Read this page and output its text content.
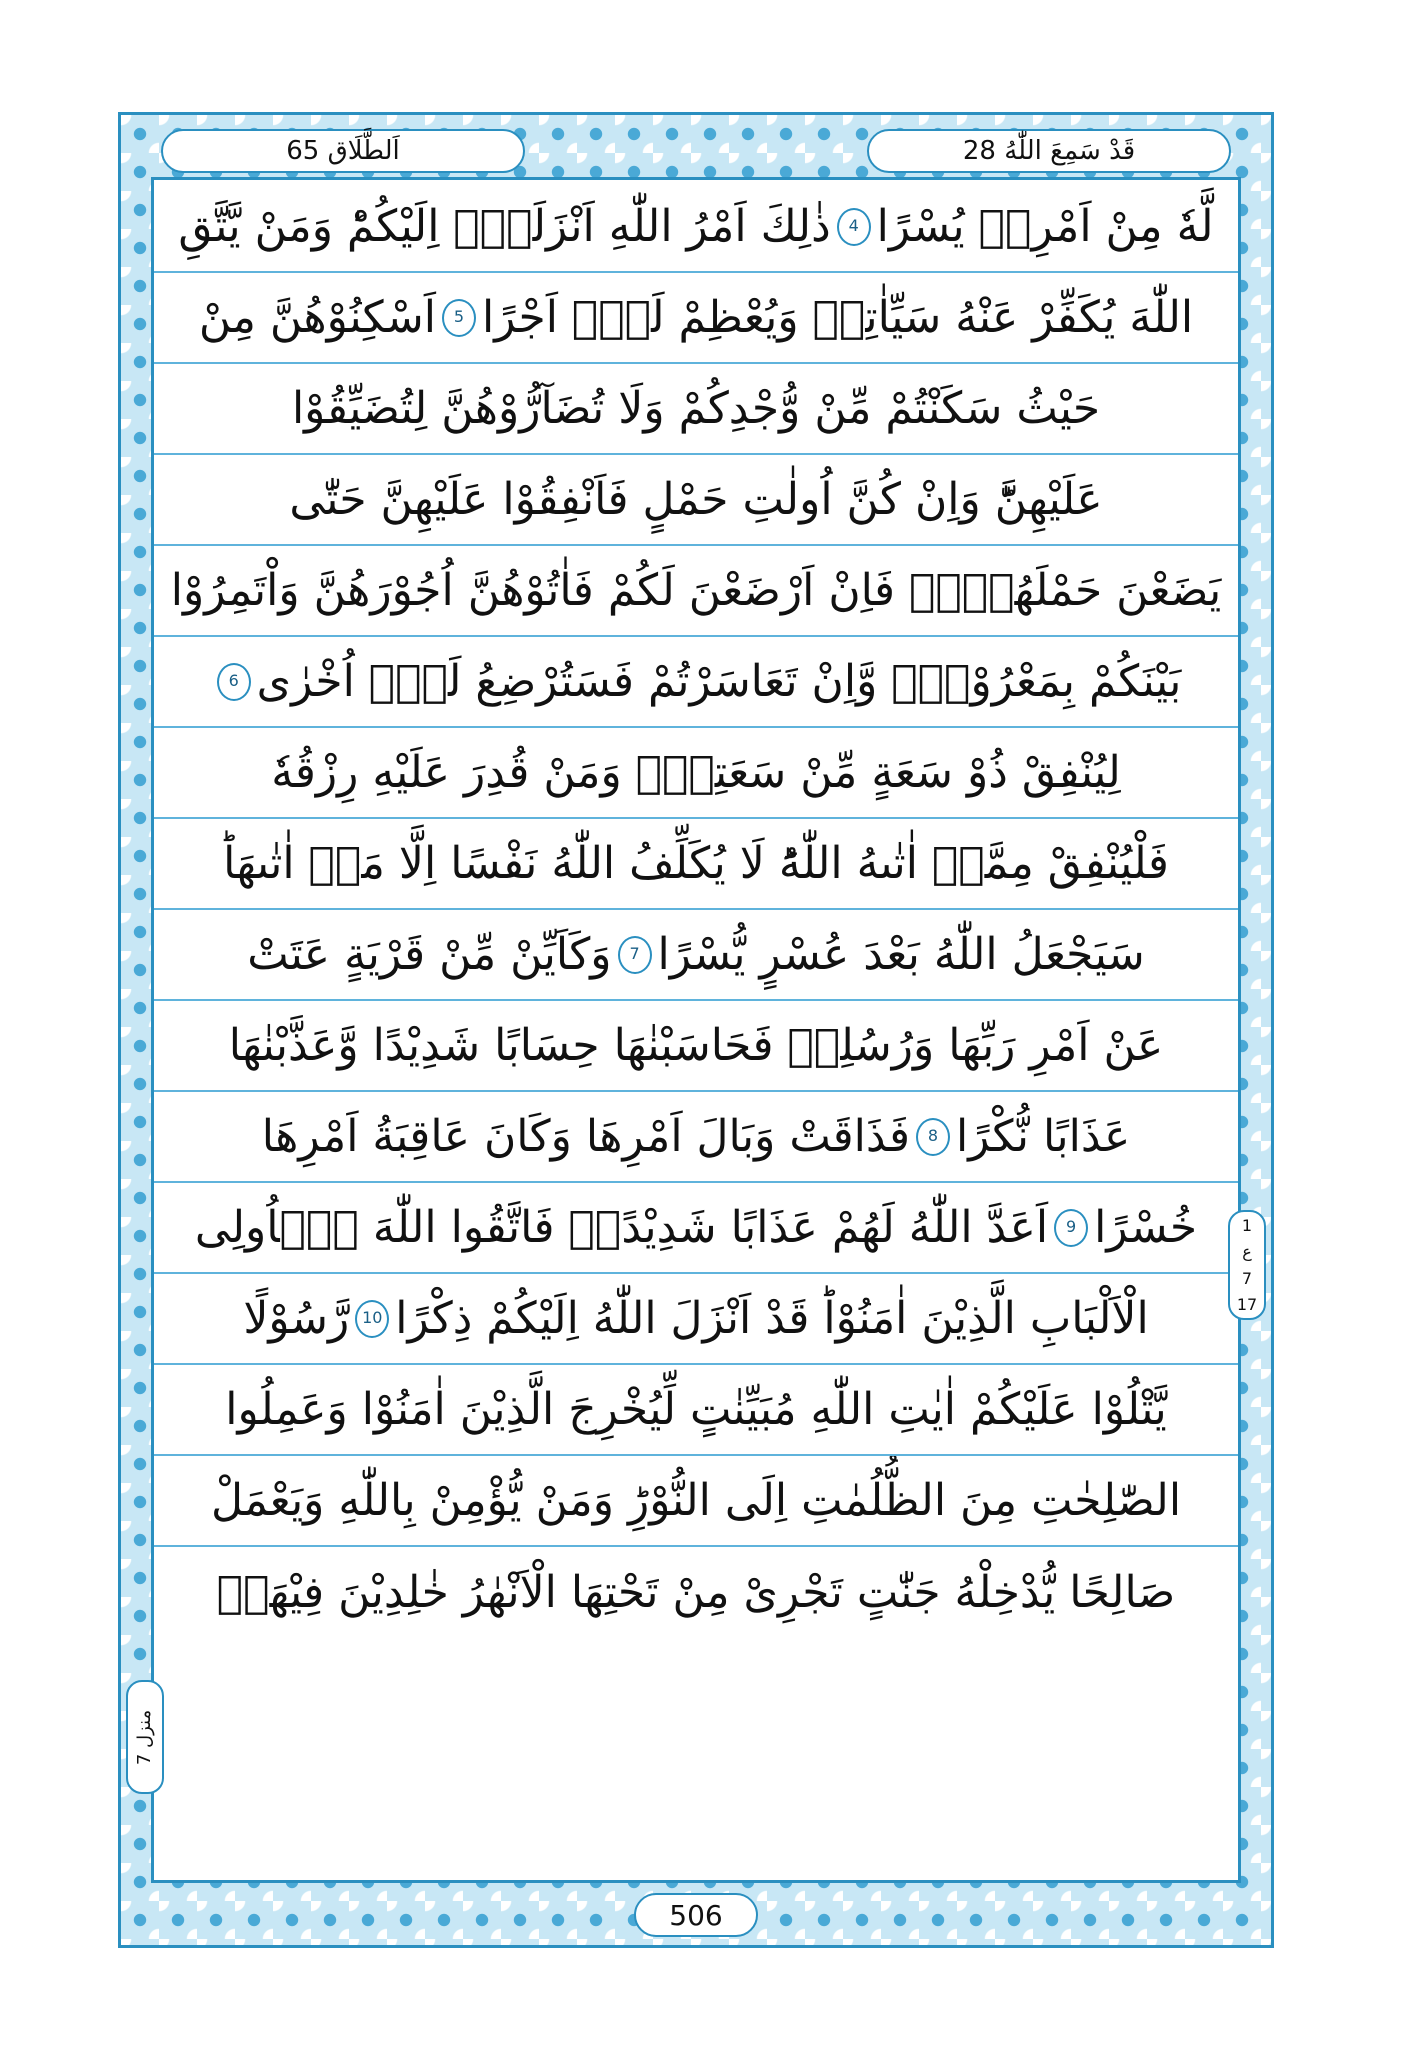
اَلطَّلَاق 65	قَدْ سَمِعَ اللّٰهُ 28
لَّهٗ مِنْ اَمْرِهٖ يُسْرًا
4
ذٰلِكَ اَمْرُ اللّٰهِ اَنْزَلَهٗۤ اِلَيْكُمْؕ وَمَنْ يَّتَّقِ
اللّٰهَ يُكَفِّرْ عَنْهُ سَيِّاٰتِهٖ وَيُعْظِمْ لَهٗۤ اَجْرًا
5
اَسْكِنُوْهُنَّ مِنْ
حَيْثُ سَكَنْتُمْ مِّنْ وُّجْدِكُمْ وَلَا تُضَآرُّوْهُنَّ لِتُضَيِّقُوْا
عَلَيْهِنَّؕ وَاِنْ كُنَّ اُولٰتِ حَمْلٍ فَاَنْفِقُوْا عَلَيْهِنَّ حَتّٰى
يَضَعْنَ حَمْلَهُنَّۚ فَاِنْ اَرْضَعْنَ لَكُمْ فَاٰتُوْهُنَّ اُجُوْرَهُنَّ وَاْتَمِرُوْا
بَيْنَكُمْ بِمَعْرُوْفٍۚ وَّاِنْ تَعَاسَرْتُمْ فَسَتُرْضِعُ لَهٗۤ اُخْرٰى
6
لِيُنْفِقْ ذُوْ سَعَةٍ مِّنْ سَعَتِهٖؕ وَمَنْ قُدِرَ عَلَيْهِ رِزْقُهٗ
فَلْيُنْفِقْ مِمَّاۤ اٰتٰىهُ اللّٰهُؕ لَا يُكَلِّفُ اللّٰهُ نَفْسًا اِلَّا مَاۤ اٰتٰىهَاؕ
سَيَجْعَلُ اللّٰهُ بَعْدَ عُسْرٍ يُّسْرًا
7
وَكَاَيِّنْ مِّنْ قَرْيَةٍ عَتَتْ
عَنْ اَمْرِ رَبِّهَا وَرُسُلِهٖ فَحَاسَبْنٰهَا حِسَابًا شَدِيْدًا وَّعَذَّبْنٰهَا
عَذَابًا نُّكْرًا
8
فَذَاقَتْ وَبَالَ اَمْرِهَا وَكَانَ عَاقِبَةُ اَمْرِهَا
خُسْرًا
9
اَعَدَّ اللّٰهُ لَهُمْ عَذَابًا شَدِيْدًاۙ فَاتَّقُوا اللّٰهَ يٰۤاُولِى
الْاَلْبَابِ الَّذِيْنَ اٰمَنُوْاؕ قَدْ اَنْزَلَ اللّٰهُ اِلَيْكُمْ ذِكْرًا
10
رَّسُوْلًا
يَّتْلُوْا عَلَيْكُمْ اٰيٰتِ اللّٰهِ مُبَيِّنٰتٍ لِّيُخْرِجَ الَّذِيْنَ اٰمَنُوْا وَعَمِلُوا
الصّٰلِحٰتِ مِنَ الظُّلُمٰتِ اِلَى النُّوْرِؕ وَمَنْ يُّؤْمِنْ بِاللّٰهِ وَيَعْمَلْ
صَالِحًا يُّدْخِلْهُ جَنّٰتٍ تَجْرِىْ مِنْ تَحْتِهَا الْاَنْهٰرُ خٰلِدِيْنَ فِيْهَاۤ
1
ع
7
17
منزل 7
506
